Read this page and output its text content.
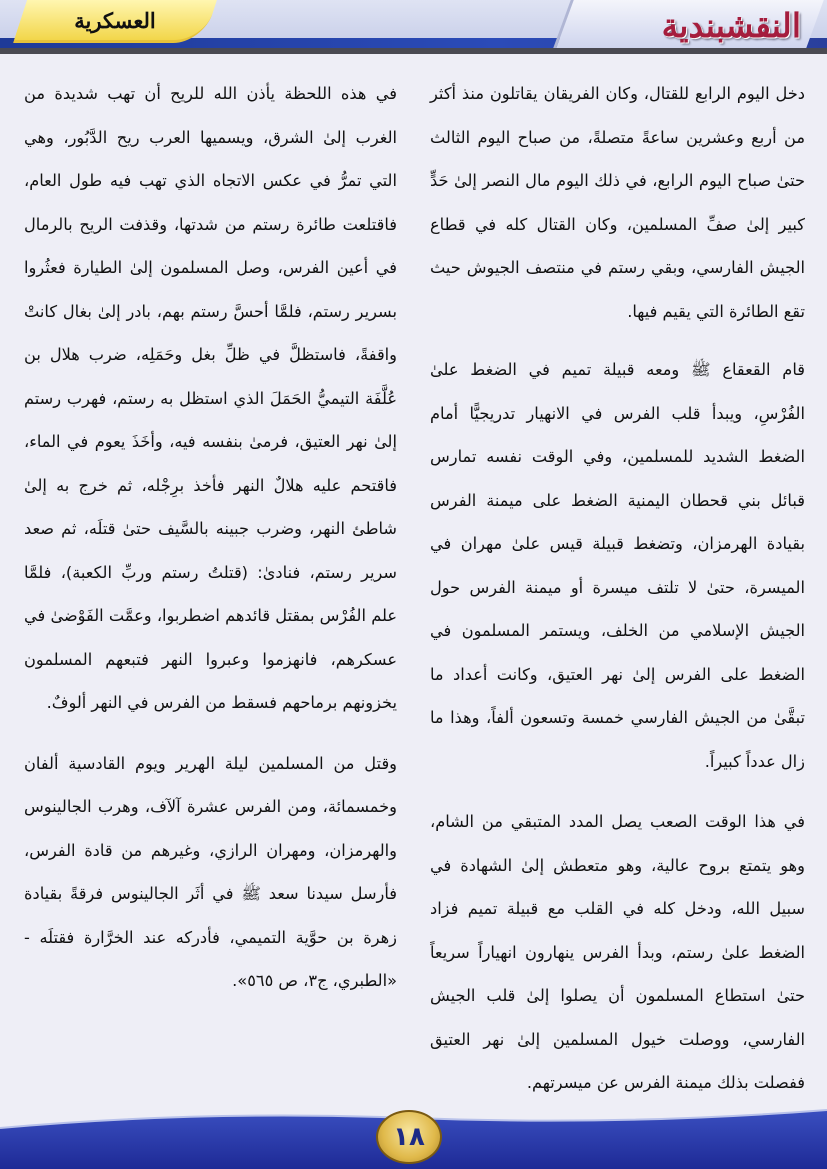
النقشبندية
العسكرية

دخل اليوم الرابع للقتال، وكان الفريقان يقاتلون منذ أكثر من أربع وعشرين ساعةً متصلةً، من صباح اليوم الثالث حتىٰ صباح اليوم الرابع، في ذلك اليوم مال النصر إلىٰ حَدٍّ كبير إلىٰ صفِّ المسلمين، وكان القتال كله في قطاع الجيش الفارسي، وبقي رستم في منتصف الجيوش حيث تقع الطائرة التي يقيم فيها.

قام القعقاع ﷺ ومعه قبيلة تميم في الضغط علىٰ الفُرْسِ، ويبدأ قلب الفرس في الانهيار تدريجيًّا أمام الضغط الشديد للمسلمين، وفي الوقت نفسه تمارس قبائل بني قحطان اليمنية الضغط على ميمنة الفرس بقيادة الهرمزان، وتضغط قبيلة قيس علىٰ مهران في الميسرة، حتىٰ لا تلتف ميسرة أو ميمنة الفرس حول الجيش الإسلامي من الخلف، ويستمر المسلمون في الضغط على الفرس إلىٰ نهر العتيق، وكانت أعداد ما تبقَّىٰ من الجيش الفارسي خمسة وتسعون ألفاً، وهذا ما زال عدداً كبيراً.

في هذا الوقت الصعب يصل المدد المتبقي من الشام، وهو يتمتع بروح عالية، وهو متعطش إلىٰ الشهادة في سبيل الله، ودخل كله في القلب مع قبيلة تميم فزاد الضغط علىٰ رستم، وبدأ الفرس ينهارون انهياراً سريعاً حتىٰ استطاع المسلمون أن يصلوا إلىٰ قلب الجيش الفارسي، ووصلت خيول المسلمين إلىٰ نهر العتيق ففصلت بذلك ميمنة الفرس عن ميسرتهم.

في هذه اللحظة يأذن الله للريح أن تهب شديدة من الغرب إلىٰ الشرق، ويسميها العرب ريح الدَّبُور، وهي التي تمرُّ في عكس الاتجاه الذي تهب فيه طول العام، فاقتلعت طائرة رستم من شدتها، وقذفت الريح بالرمال في أعين الفرس، وصل المسلمون إلىٰ الطيارة فعثُروا بسرير رستم، فلمَّا أحسَّ رستم بهم، بادر إلىٰ بغال كانتْ واقفةً، فاستظلَّ في ظلِّ بغل وحَمَلِه، ضرب هلال بن عُلَّفَة التيميُّ الحَمَلَ الذي استظل به رستم، فهرب رستم إلىٰ نهر العتيق، فرمىٰ بنفسه فيه، وأخَذَ يعوم في الماء، فاقتحم عليه هلالٌ النهر فأخذ برِجْله، ثم خرج به إلىٰ شاطئ النهر، وضرب جبينه بالسَّيف حتىٰ قتلَه، ثم صعد سرير رستم، فنادىٰ: (قتلتُ رستم وربِّ الكعبة)، فلمَّا علم الفُرْس بمقتل قائدهم اضطربوا، وعمَّت الفَوْضىٰ في عسكرهم، فانهزموا وعبروا النهر فتبعهم المسلمون يخزونهم برماحهم فسقط من الفرس في النهر ألوفٌ.

وقتل من المسلمين ليلة الهرير ويوم القادسية ألفان وخمسمائة، ومن الفرس عشرة آلآف، وهرب الجالينوس والهرمزان، ومهران الرازي، وغيرهم من قادة الفرس، فأرسل سيدنا سعد ﷺ في أثَر الجالينوس فرقةً بقيادة زهرة بن حوَّية التميمي، فأدركه عند الخرَّارة فقتلَه - «الطبري، ج٣، ص ٥٦٥».

١٨
